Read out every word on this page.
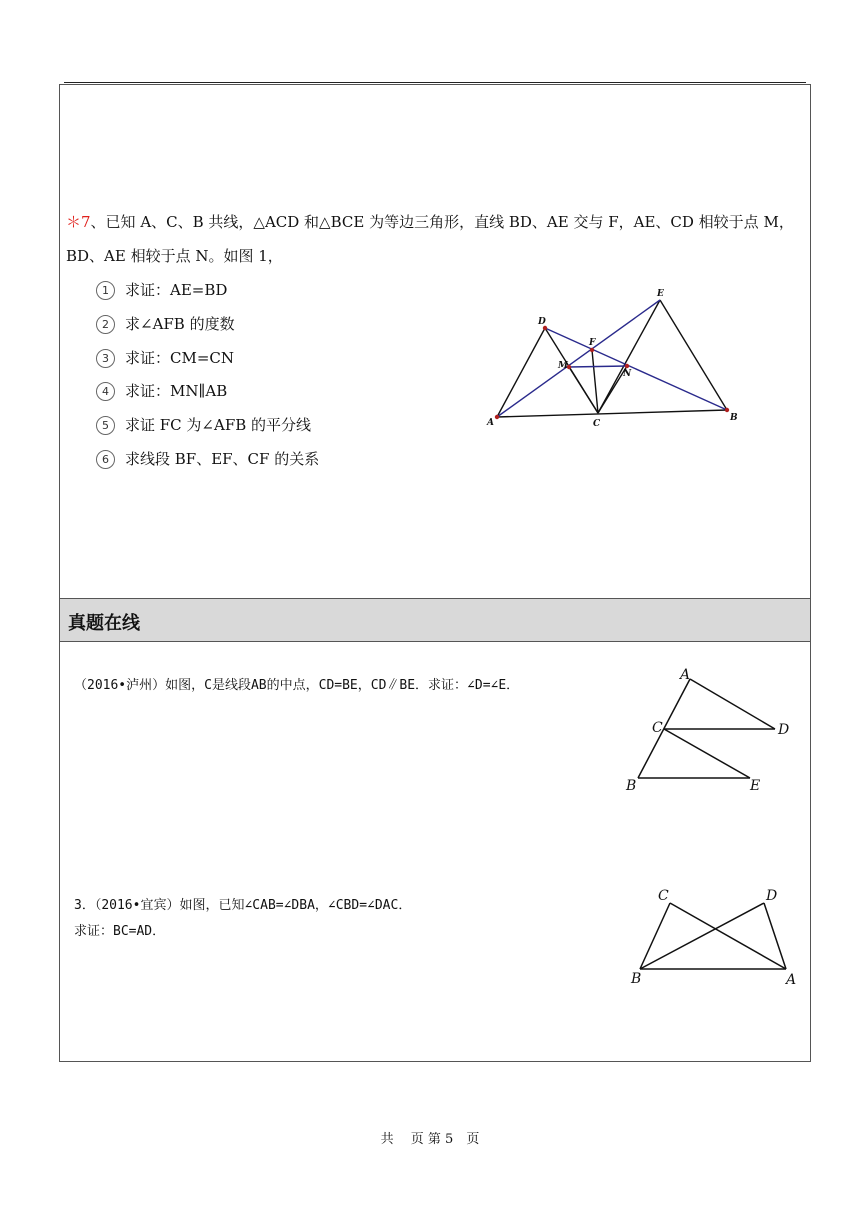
＊7、已知 A、C、B 共线，△ACD 和△BCE 为等边三角形，直线 BD、AE 交与 F，AE、CD 相较于点 M，
BD、AE 相较于点 N。如图 1，
1	求证：AE=BD
2	求∠AFB 的度数
3	求证：CM=CN
4	求证：MN∥AB
5	求证 FC 为∠AFB 的平分线
6	求线段 BF、EF、CF 的关系
A	B
C
D
E
F
M
N
真题在线
（2016•泸州）如图，C是线段AB的中点，CD=BE，CD∥BE．求证：∠D=∠E．
A
B
C	D
E
3．（2016•宜宾）如图，已知∠CAB=∠DBA，∠CBD=∠DAC．
求证：BC=AD．
C	D
B	A
共　 页 第 5　页
